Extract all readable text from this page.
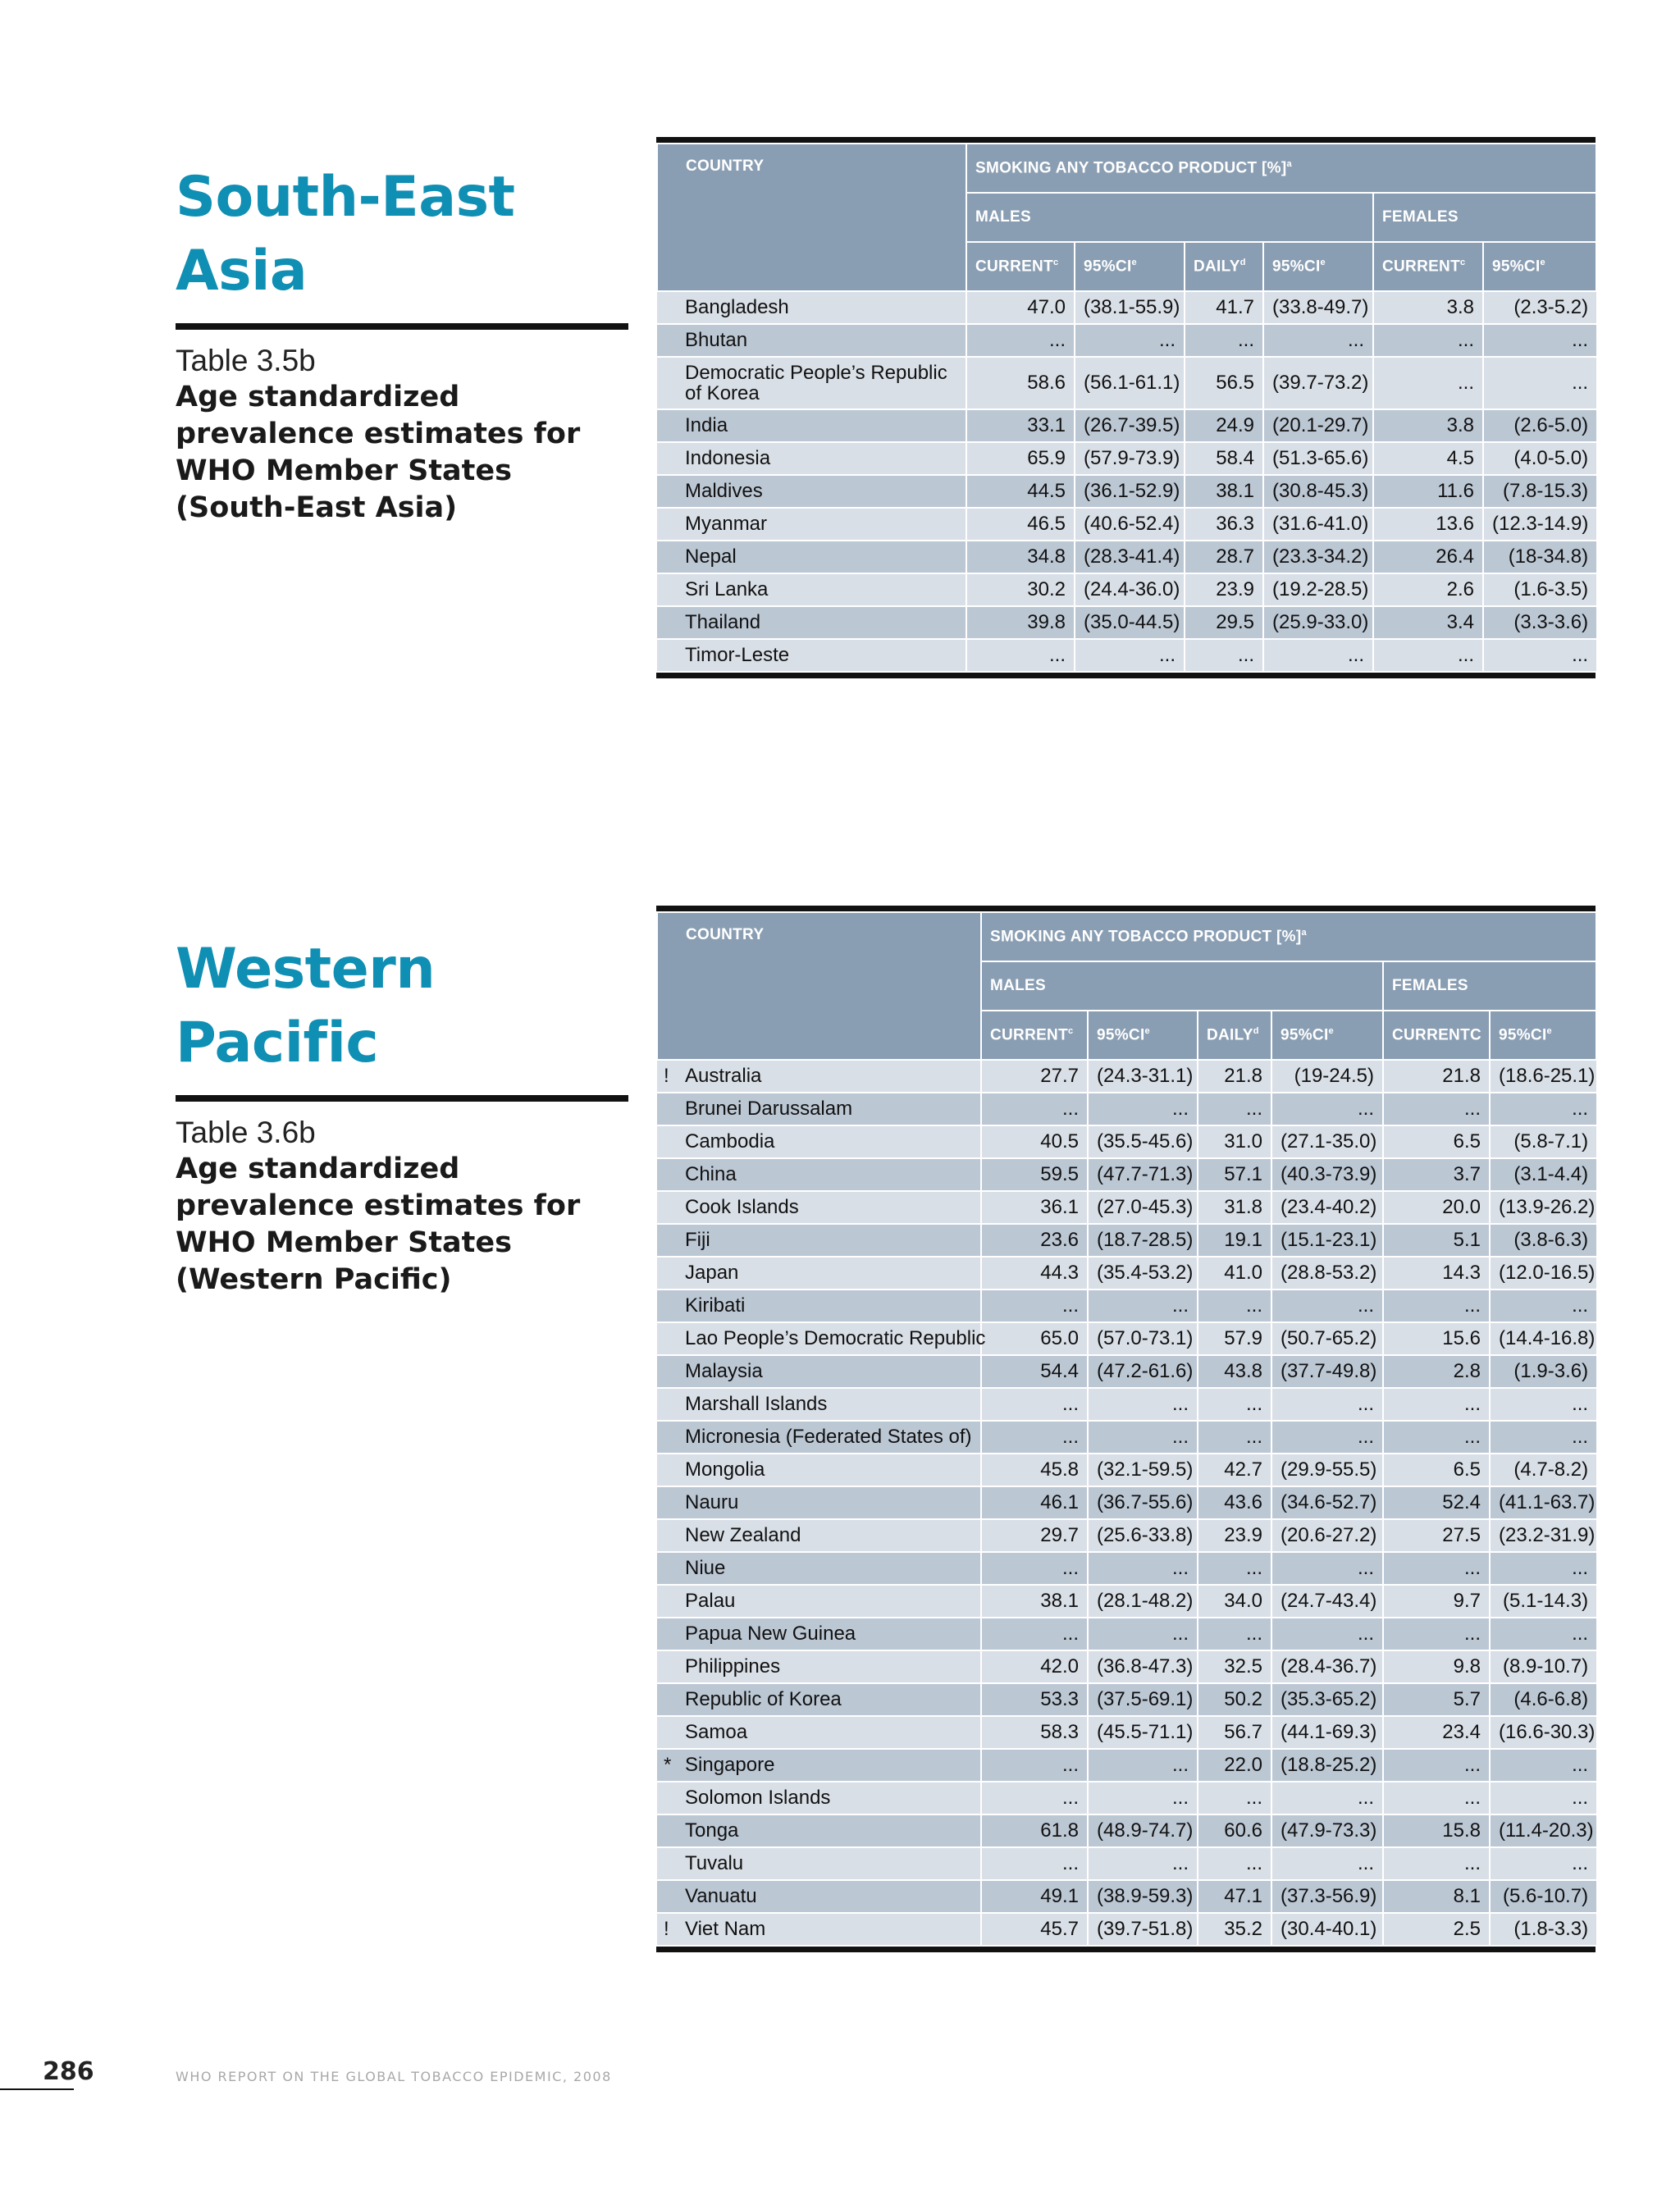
South-East
Asia
Table 3.5b
Age standardized prevalence estimates for WHO Member States (South-East Asia)
COUNTRY	SMOKING ANY TOBACCO PRODUCT [%]$^a$
	MALES				FEMALES	
	CURRENT$^c$	95%CIe	DAILY$^d$	95%CIe	CURRENT$^c$	95%CIe
Bangladesh	47.0	(38.1-55.9)	41.7	(33.8-49.7)	3.8	(2.3-5.2)
Bhutan	...	...	...	...	...	...
Democratic People’s Republic of Korea	58.6	(56.1-61.1)	56.5	(39.7-73.2)	...	...
India	33.1	(26.7-39.5)	24.9	(20.1-29.7)	3.8	(2.6-5.0)
Indonesia	65.9	(57.9-73.9)	58.4	(51.3-65.6)	4.5	(4.0-5.0)
Maldives	44.5	(36.1-52.9)	38.1	(30.8-45.3)	11.6	(7.8-15.3)
Myanmar	46.5	(40.6-52.4)	36.3	(31.6-41.0)	13.6	(12.3-14.9)
Nepal	34.8	(28.3-41.4)	28.7	(23.3-34.2)	26.4	(18-34.8)
Sri Lanka	30.2	(24.4-36.0)	23.9	(19.2-28.5)	2.6	(1.6-3.5)
Thailand	39.8	(35.0-44.5)	29.5	(25.9-33.0)	3.4	(3.3-3.6)
Timor-Leste	...	...	...	...	...	...
Western Pacific
Table 3.6b
Age standardized prevalence estimates for WHO Member States (Western Pacific)
COUNTRY	SMOKING ANY TOBACCO PRODUCT [%]$^a$
	MALES				FEMALES	
	CURRENT$^c$	95%CIe	DAILY$^d$	95%CIe	CURRENTC	95%CIe

! Australia	27.7	(24.3-31.1)	21.8	(19-24.5)	21.8	(18.6-25.1)
Brunei Darussalam	...	...	...	...	...	...
Cambodia	40.5	(35.5-45.6)	31.0	(27.1-35.0)	6.5	(5.8-7.1)
China	59.5	(47.7-71.3)	57.1	(40.3-73.9)	3.7	(3.1-4.4)
Cook Islands	36.1	(27.0-45.3)	31.8	(23.4-40.2)	20.0	(13.9-26.2)
Fiji	23.6	(18.7-28.5)	19.1	(15.1-23.1)	5.1	(3.8-6.3)
Japan	44.3	(35.4-53.2)	41.0	(28.8-53.2)	14.3	(12.0-16.5)
Kiribati	...	...	...	...	...	...
Lao People’s Democratic Republic	65.0	(57.0-73.1)	57.9	(50.7-65.2)	15.6	(14.4-16.8)
Malaysia	54.4	(47.2-61.6)	43.8	(37.7-49.8)	2.8	(1.9-3.6)
Marshall Islands	...	...	...	...	...	...
Micronesia (Federated States of)	...	...	...	...	...	...
Mongolia	45.8	(32.1-59.5)	42.7	(29.9-55.5)	6.5	(4.7-8.2)
Nauru	46.1	(36.7-55.6)	43.6	(34.6-52.7)	52.4	(41.1-63.7)
New Zealand	29.7	(25.6-33.8)	23.9	(20.6-27.2)	27.5	(23.2-31.9)
Niue	...	...	...	...	...	...
Palau	38.1	(28.1-48.2)	34.0	(24.7-43.4)	9.7	(5.1-14.3)
Papua New Guinea	...	...	...	...	...	...
Philippines	42.0	(36.8-47.3)	32.5	(28.4-36.7)	9.8	(8.9-10.7)
Republic of Korea	53.3	(37.5-69.1)	50.2	(35.3-65.2)	5.7	(4.6-6.8)
Samoa	58.3	(45.5-71.1)	56.7	(44.1-69.3)	23.4	(16.6-30.3)

* Singapore	...	...	22.0	(18.8-25.2)	...	...
Solomon Islands	...	...	...	...	...	...
Tonga	61.8	(48.9-74.7)	60.6	(47.9-73.3)	15.8	(11.4-20.3)
Tuvalu	...	...	...	...	...	...
Vanuatu	49.1	(38.9-59.3)	47.1	(37.3-56.9)	8.1	(5.6-10.7)

! Viet Nam	45.7	(39.7-51.8)	35.2	(30.4-40.1)	2.5	(1.8-3.3)
286	WHO REPORT ON THE GLOBAL TOBACCO EPIDEMIC, 2008
